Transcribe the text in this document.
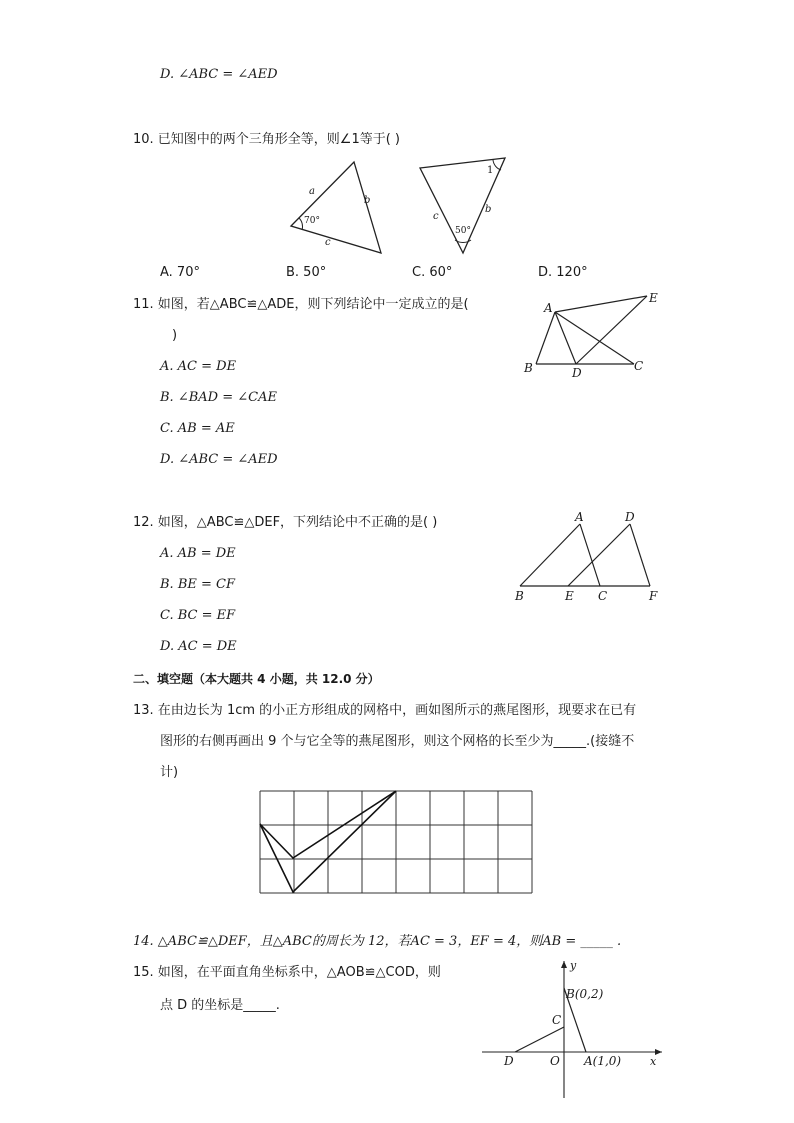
D. ∠ABC = ∠AED
10. 已知图中的两个三角形全等，则∠1等于( )
a
b
c
70°
1
c
b
50°
A. 70°	B. 50°	C. 60°	D. 120°
11. 如图，若△ABC≌△ADE，则下列结论中一定成立的是(
)
A. AC = DE
B. ∠BAD = ∠CAE
C. AB = AE
D. ∠ABC = ∠AED
A
E
B	D	C
12. 如图，△ABC≌△DEF，下列结论中不正确的是( )
A. AB = DE
B. BE = CF
C. BC = EF
D. AC = DE
A	D
B	E C	F
二、填空题（本大题共 4 小题，共 12.0 分）
13. 在由边长为 1cm 的小正方形组成的网格中，画如图所示的燕尾图形，现要求在已有
图形的右侧再画出 9 个与它全等的燕尾图形，则这个网格的长至少为_____.(接缝不
计)
14. △ABC≌△DEF，且△ABC的周长为 12，若AC = 3，EF = 4，则AB = _____ .
15. 如图，在平面直角坐标系中，△AOB≌△COD，则
点 D 的坐标是_____.
y
x
B(0,2)
C
D	O A(1,0)
